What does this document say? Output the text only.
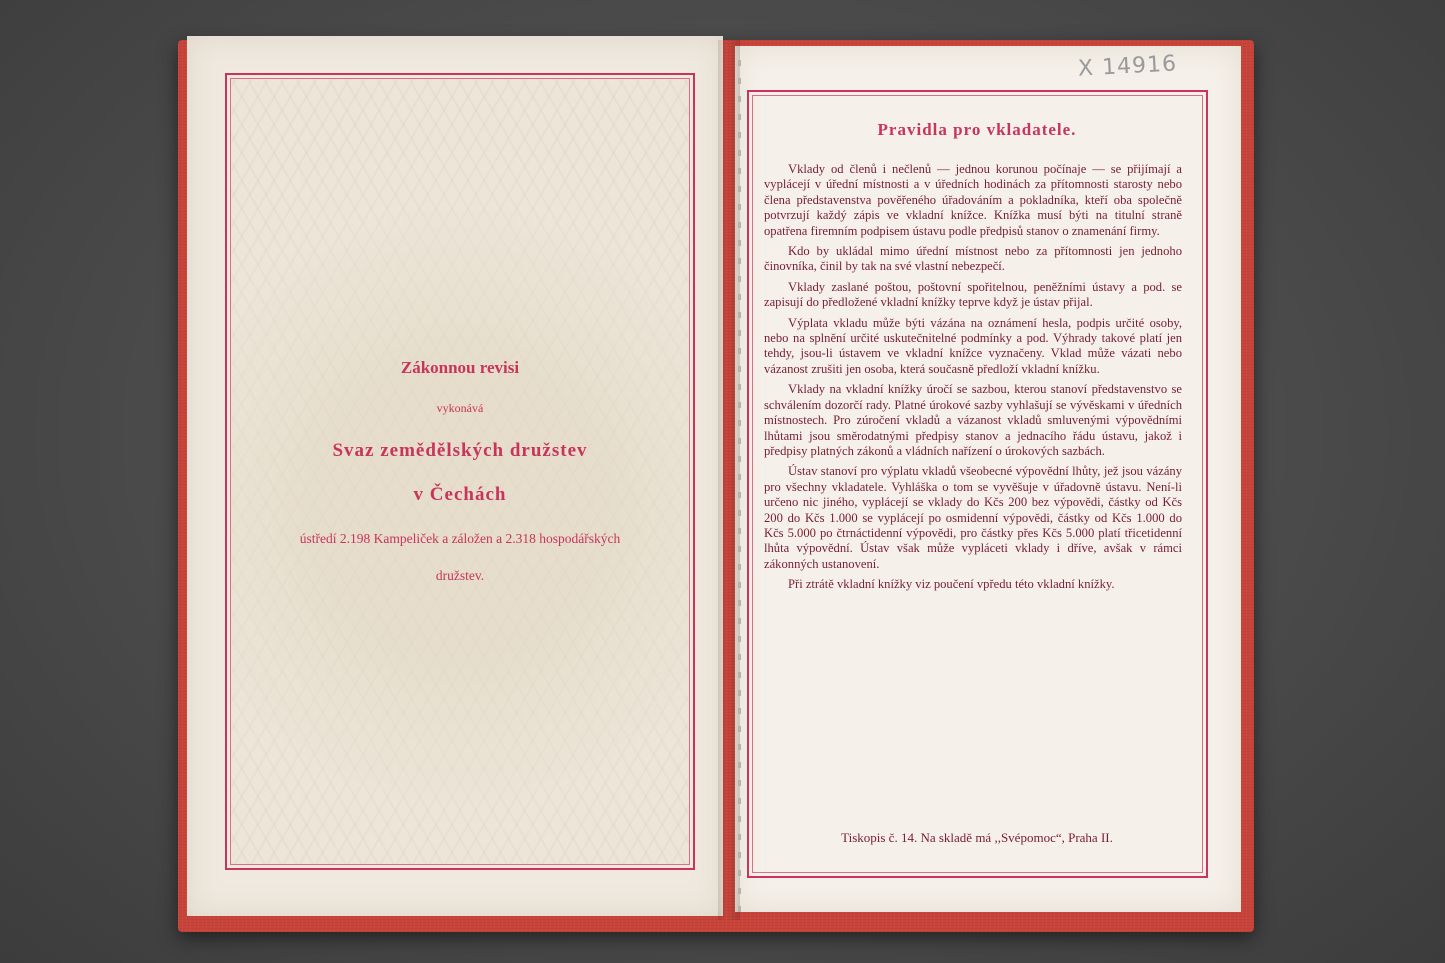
Zákonnou revisi
vykonává
Svaz zemědělských družstev
v Čechách
ústředí 2.198 Kampeliček a záložen a 2.318 hospodářských
družstev.
X 14916
Pravidla pro vkladatele.

Vklady od členů i nečlenů — jednou korunou počínaje — se přijímají a vyplácejí v úřední místnosti a v úředních hodinách za přítomnosti starosty nebo člena představenstva pověřeného úřadováním a pokladníka, kteří oba společně potvrzují každý zápis ve vkladní knížce. Knížka musí býti na titulní straně opatřena firemním podpisem ústavu podle předpisů stanov o znamenání firmy.

Kdo by ukládal mimo úřední místnost nebo za přítomnosti jen jednoho činovníka, činil by tak na své vlastní nebezpečí.

Vklady zaslané poštou, poštovní spořitelnou, peněžními ústavy a pod. se zapisují do předložené vkladní knížky teprve když je ústav přijal.

Výplata vkladu může býti vázána na oznámení hesla, podpis určité osoby, nebo na splnění určité uskutečnitelné podmínky a pod. Výhrady takové platí jen tehdy, jsou-li ústavem ve vkladní knížce vyznačeny. Vklad může vázati nebo vázanost zrušiti jen osoba, která současně předloží vkladní knížku.

Vklady na vkladní knížky úročí se sazbou, kterou stanoví představenstvo se schválením dozorčí rady. Platné úrokové sazby vyhlašují se vývěskami v úředních místnostech. Pro zúročení vkladů a vázanost vkladů smluvenými výpovědními lhůtami jsou směrodatnými předpisy stanov a jednacího řádu ústavu, jakož i předpisy platných zákonů a vládních nařízení o úrokových sazbách.

Ústav stanoví pro výplatu vkladů všeobecné výpovědní lhůty, jež jsou vázány pro všechny vkladatele. Vyhláška o tom se vyvěšuje v úřadovně ústavu. Není-li určeno nic jiného, vyplácejí se vklady do Kčs 200 bez výpovědi, částky od Kčs 200 do Kčs 1.000 se vyplácejí po osmidenní výpovědi, částky od Kčs 1.000 do Kčs 5.000 po čtrnáctidenní výpovědi, pro částky přes Kčs 5.000 platí třicetidenní lhůta výpovědní. Ústav však může vypláceti vklady i dříve, avšak v rámci zákonných ustanovení.

Při ztrátě vkladní knížky viz poučení vpředu této vkladní knížky.

Tiskopis č. 14. Na skladě má ,,Svépomoc“, Praha II.
